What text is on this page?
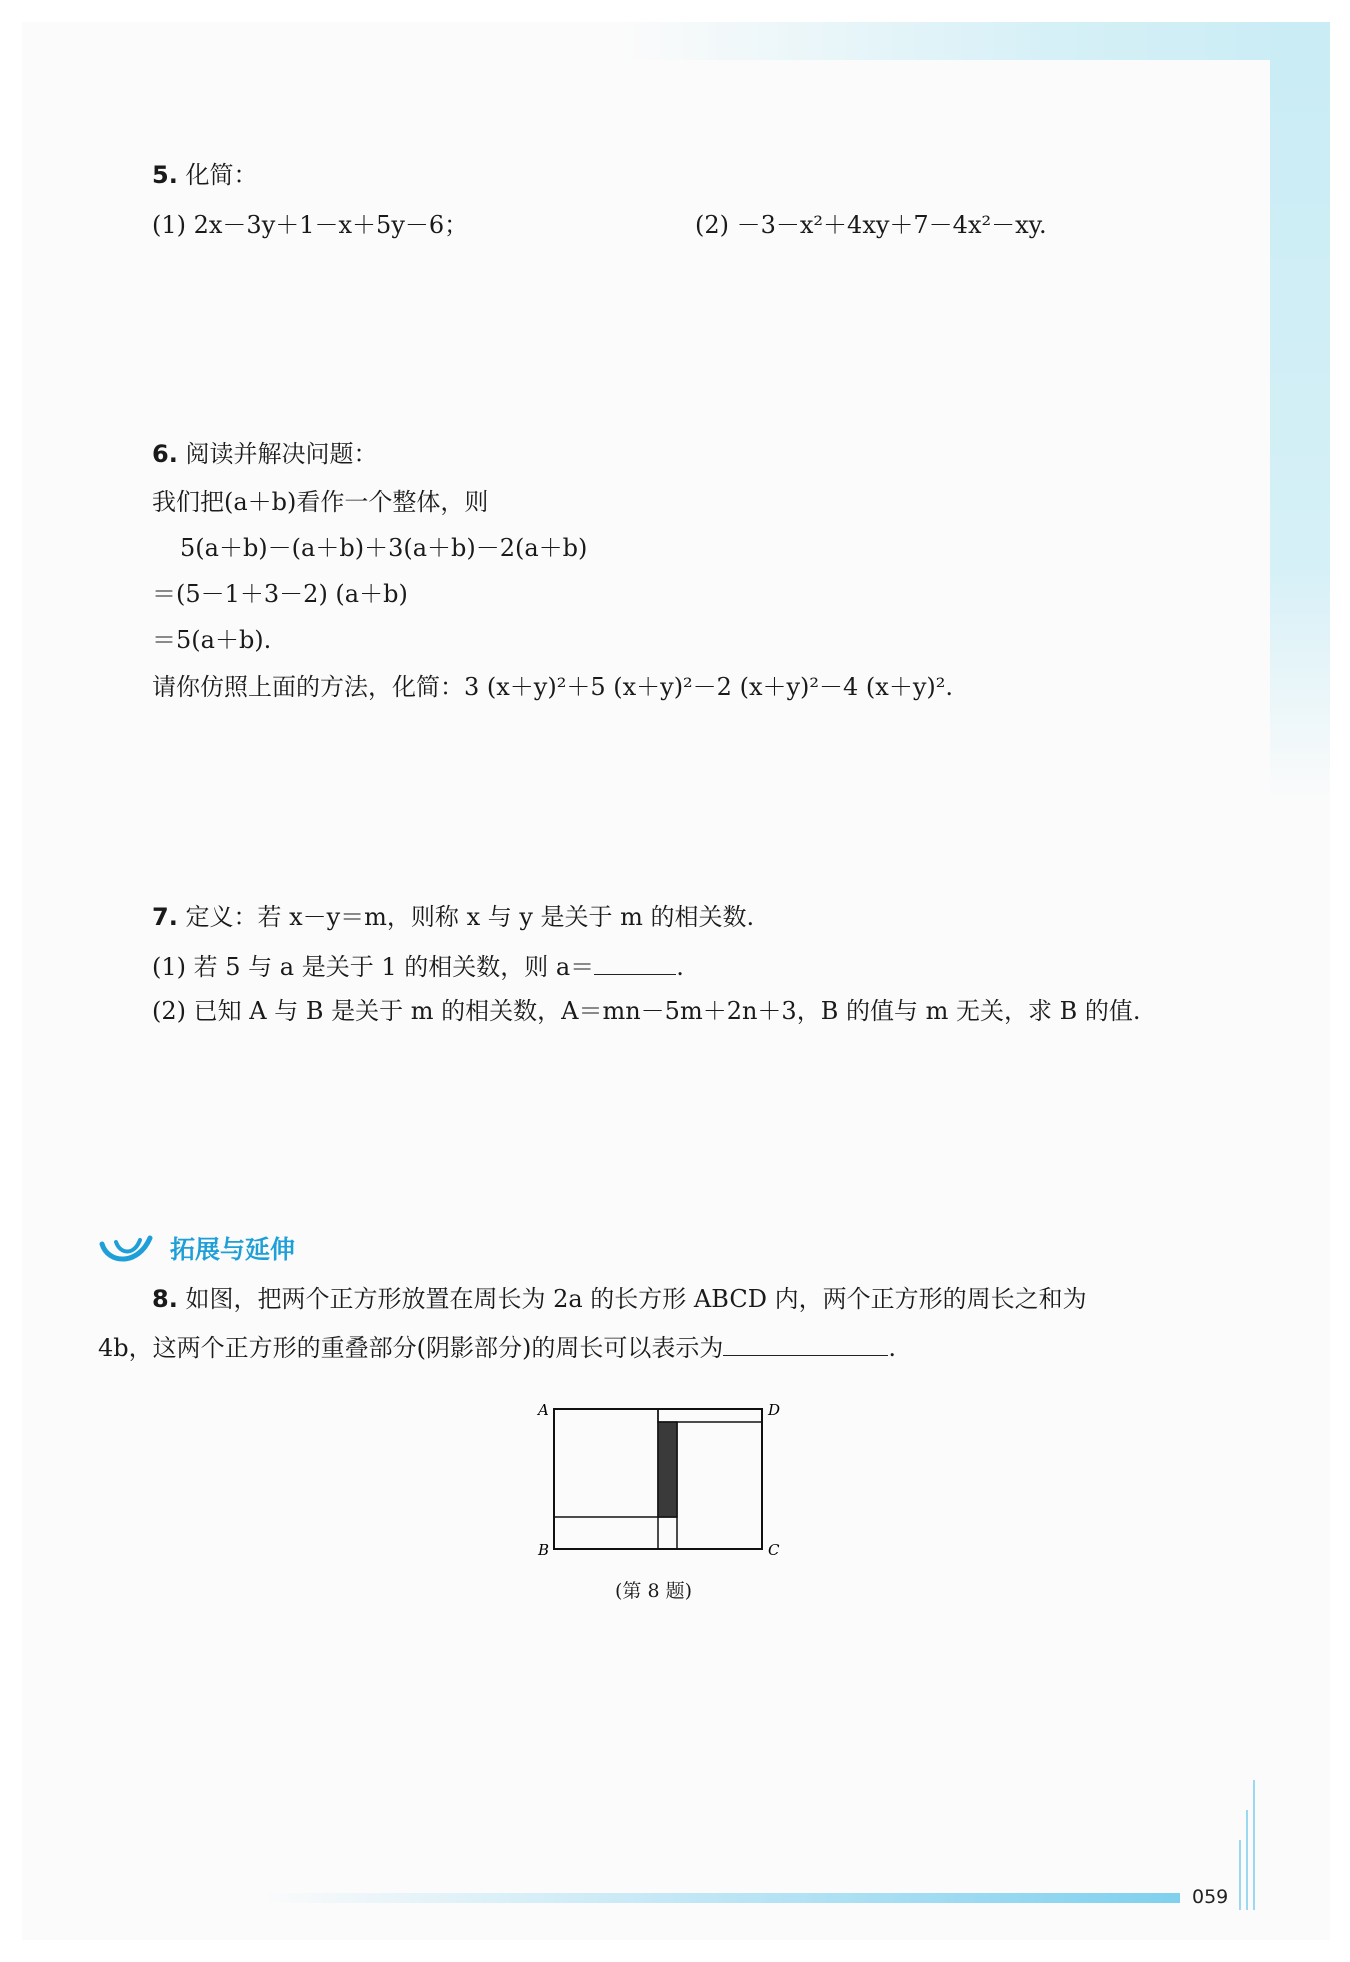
5. 化简：
(1) 2x－3y＋1－x＋5y－6；	(2) －3－x²＋4xy＋7－4x²－xy.
6. 阅读并解决问题：
我们把(a＋b)看作一个整体，则
5(a＋b)－(a＋b)＋3(a＋b)－2(a＋b)
＝(5－1＋3－2) (a＋b)
＝5(a＋b).
请你仿照上面的方法，化简：3 (x＋y)²＋5 (x＋y)²－2 (x＋y)²－4 (x＋y)².
7. 定义：若 x－y＝m，则称 x 与 y 是关于 m 的相关数.
(1) 若 5 与 a 是关于 1 的相关数，则 a＝	.
(2) 已知 A 与 B 是关于 m 的相关数，A＝mn－5m＋2n＋3，B 的值与 m 无关，求 B 的值.
拓展与延伸
8. 如图，把两个正方形放置在周长为 2a 的长方形 ABCD 内，两个正方形的周长之和为
4b，这两个正方形的重叠部分(阴影部分)的周长可以表示为	.
A
B	C
D
(第 8 题)
059
